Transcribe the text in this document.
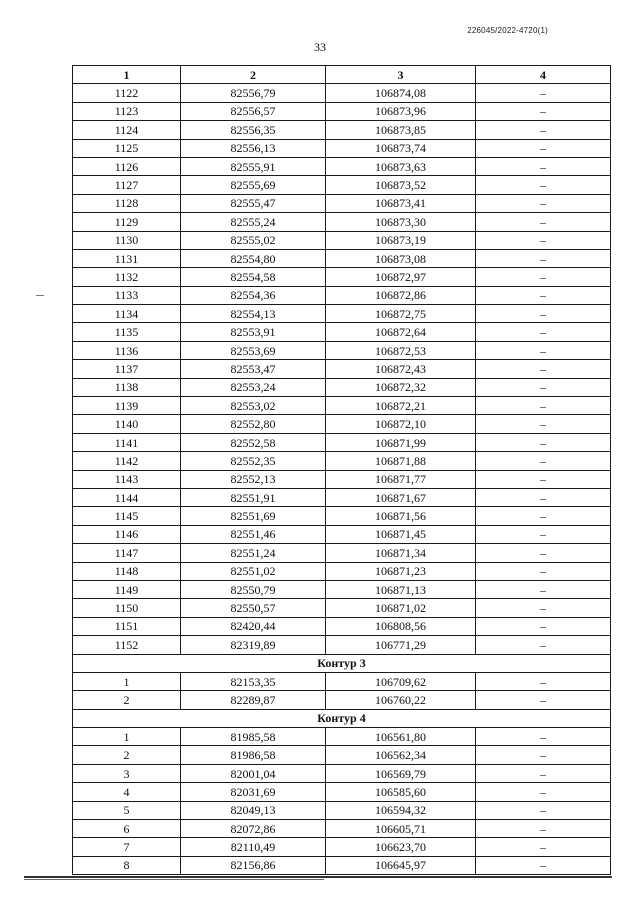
226045/2022-4720(1)
33
1	2	3	4
1122	82556,79	106874,08	–
1123	82556,57	106873,96	–
1124	82556,35	106873,85	–
1125	82556,13	106873,74	–
1126	82555,91	106873,63	–
1127	82555,69	106873,52	–
1128	82555,47	106873,41	–
1129	82555,24	106873,30	–
1130	82555,02	106873,19	–
1131	82554,80	106873,08	–
1132	82554,58	106872,97	–
1133	82554,36	106872,86	–
1134	82554,13	106872,75	–
1135	82553,91	106872,64	–
1136	82553,69	106872,53	–
1137	82553,47	106872,43	–
1138	82553,24	106872,32	–
1139	82553,02	106872,21	–
1140	82552,80	106872,10	–
1141	82552,58	106871,99	–
1142	82552,35	106871,88	–
1143	82552,13	106871,77	–
1144	82551,91	106871,67	–
1145	82551,69	106871,56	–
1146	82551,46	106871,45	–
1147	82551,24	106871,34	–
1148	82551,02	106871,23	–
1149	82550,79	106871,13	–
1150	82550,57	106871,02	–
1151	82420,44	106808,56	–
1152	82319,89	106771,29	–
Контур 3			
1	82153,35	106709,62	–
2	82289,87	106760,22	–
Контур 4			
1	81985,58	106561,80	–
2	81986,58	106562,34	–
3	82001,04	106569,79	–
4	82031,69	106585,60	–
5	82049,13	106594,32	–
6	82072,86	106605,71	–
7	82110,49	106623,70	–
8	82156,86	106645,97	–
